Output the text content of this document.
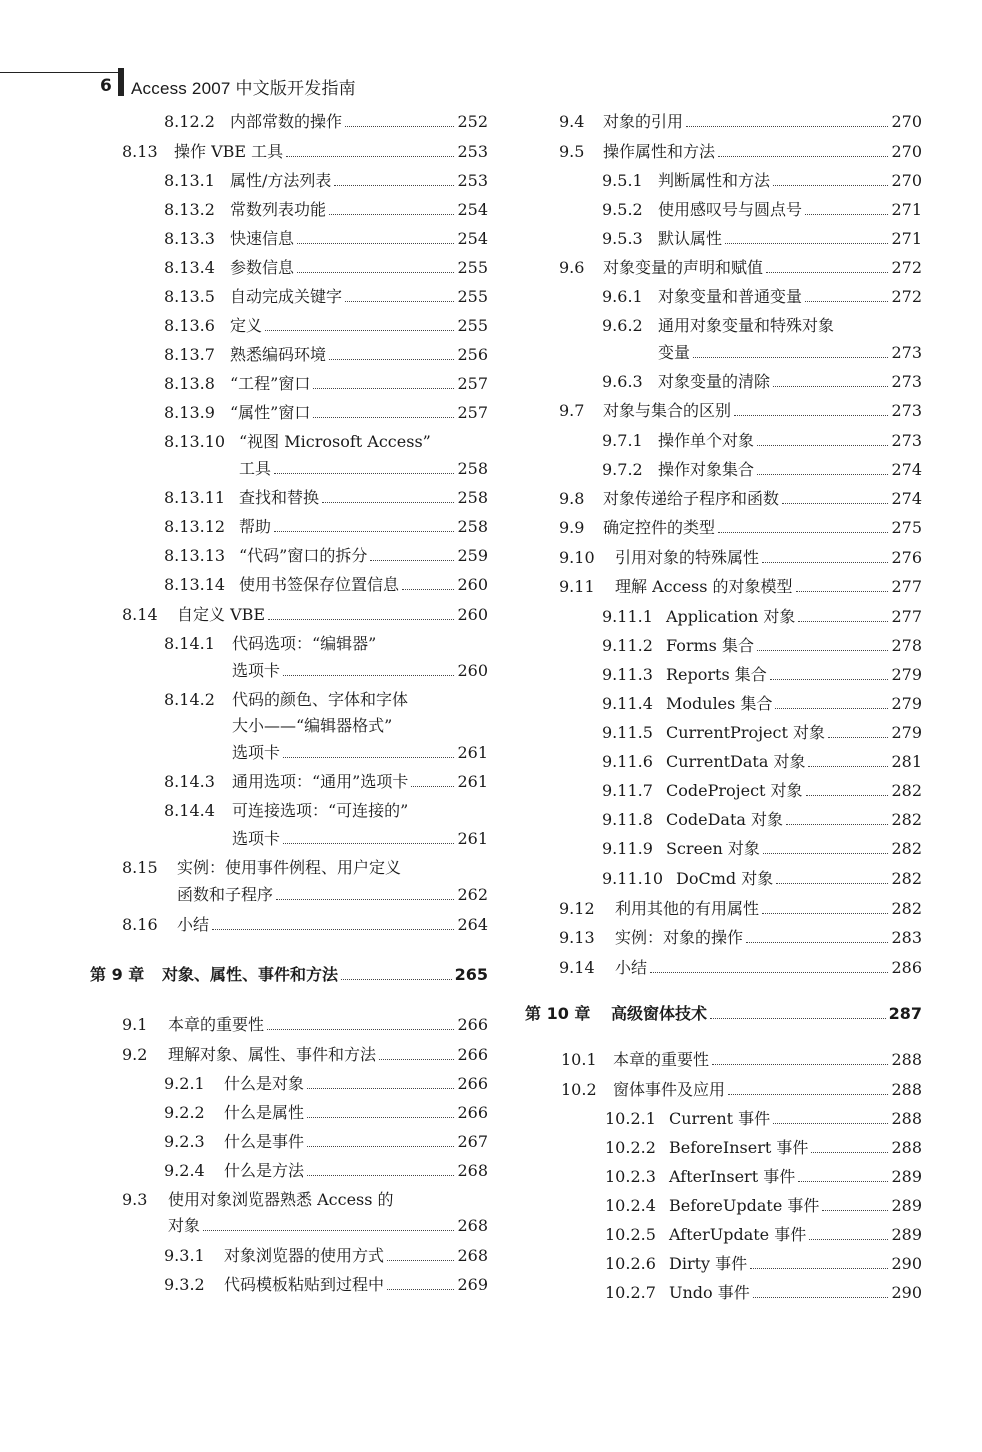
6 Access 2007 中文版开发指南
8.12.2 内部常数的操作	252
8.13	操作 VBE 工具	253
8.13.1 属性/方法列表	253
8.13.2 常数列表功能	254
8.13.3 快速信息	254
8.13.4 参数信息	255
8.13.5 自动完成关键字	255
8.13.6 定义	255
8.13.7 熟悉编码环境	256
8.13.8 “工程”窗口	257
8.13.9 “属性”窗口	257
8.13.10 “视图 Microsoft Access”
工具	258
8.13.11 查找和替换	258
8.13.12 帮助	258
8.13.13 “代码”窗口的拆分	259
8.13.14 使用书签保存位置信息	260
8.14	自定义 VBE	260
8.14.1	代码选项：“编辑器”
选项卡	260
8.14.2	代码的颜色、字体和字体
大小——“编辑器格式”
选项卡	261
8.14.3	通用选项：“通用”选项卡	261
8.14.4	可连接选项：“可连接的”
选项卡	261
8.15	实例：使用事件例程、用户定义
函数和子程序	262
8.16	小结	264
第 9 章	对象、属性、事件和方法	265
9.1	本章的重要性	266
9.2	理解对象、属性、事件和方法	266
9.2.1	什么是对象	266
9.2.2	什么是属性	266
9.2.3	什么是事件	267
9.2.4	什么是方法	268
9.3	使用对象浏览器熟悉 Access 的
对象	268
9.3.1	对象浏览器的使用方式	268
9.3.2	代码模板粘贴到过程中	269
9.4	对象的引用	270
9.5	操作属性和方法	270
9.5.1 判断属性和方法	270
9.5.2 使用感叹号与圆点号	271
9.5.3 默认属性	271
9.6	对象变量的声明和赋值	272
9.6.1 对象变量和普通变量	272
9.6.2 通用对象变量和特殊对象
变量	273
9.6.3 对象变量的清除	273
9.7	对象与集合的区别	273
9.7.1 操作单个对象	273
9.7.2 操作对象集合	274
9.8	对象传递给子程序和函数	274
9.9	确定控件的类型	275
9.10	引用对象的特殊属性	276
9.11	理解 Access 的对象模型	277
9.11.1 Application 对象	277
9.11.2 Forms 集合	278
9.11.3 Reports 集合	279
9.11.4 Modules 集合	279
9.11.5 CurrentProject 对象	279
9.11.6 CurrentData 对象	281
9.11.7 CodeProject 对象	282
9.11.8 CodeData 对象	282
9.11.9 Screen 对象	282
9.11.10 DoCmd 对象	282
9.12	利用其他的有用属性	282
9.13	实例：对象的操作	283
9.14	小结	286
第 10 章	高级窗体技术	287
10.1	本章的重要性	288
10.2	窗体事件及应用	288
10.2.1 Current 事件	288
10.2.2 BeforeInsert 事件	288
10.2.3 AfterInsert 事件	289
10.2.4 BeforeUpdate 事件	289
10.2.5 AfterUpdate 事件	289
10.2.6 Dirty 事件	290
10.2.7 Undo 事件	290
